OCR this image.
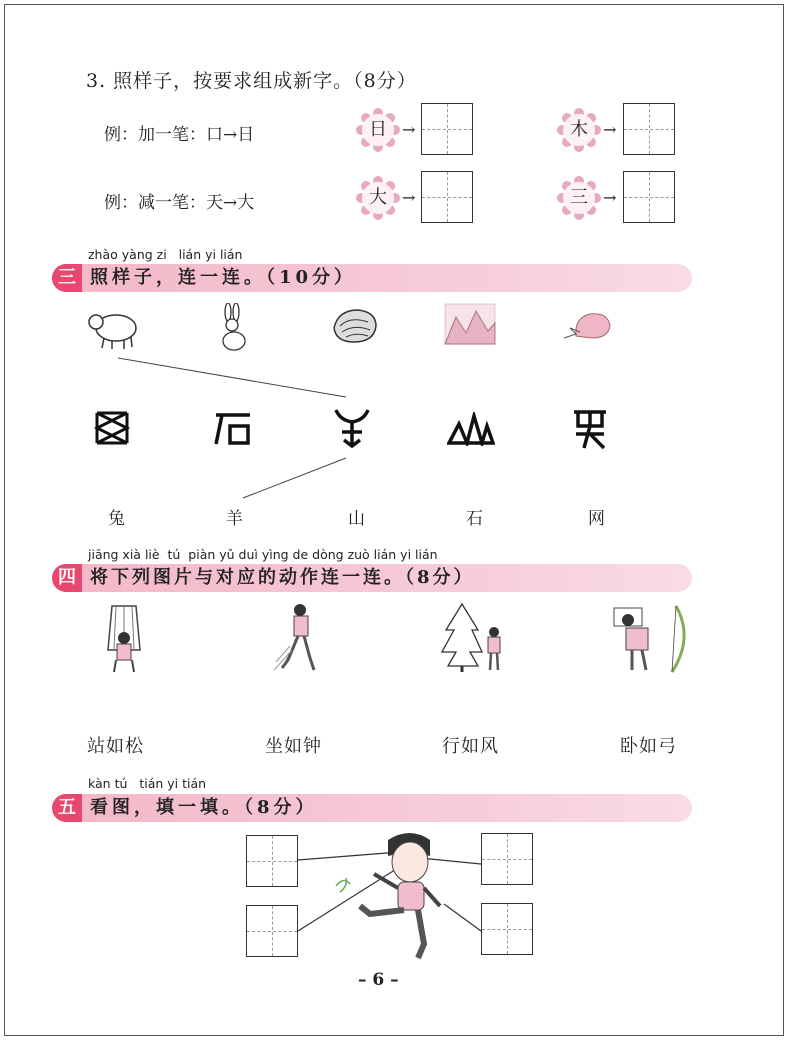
3. 照样子，按要求组成新字。（8分）
例：加一笔：口→日
例：减一笔：天→大
日 →	木 →
大 →	三 →
zhào yàng zi   lián yi lián
三 照样子，连一连。（10分）
兔	羊	山	石	网
jiāng xià liè  tú  piàn yǔ duì yìng de dòng zuò lián yi lián
四 将下列图片与对应的动作连一连。（8分）
站如松	坐如钟	行如风	卧如弓
kàn tú   tián yi tián
五 看图，填一填。（8分）
– 6 –
